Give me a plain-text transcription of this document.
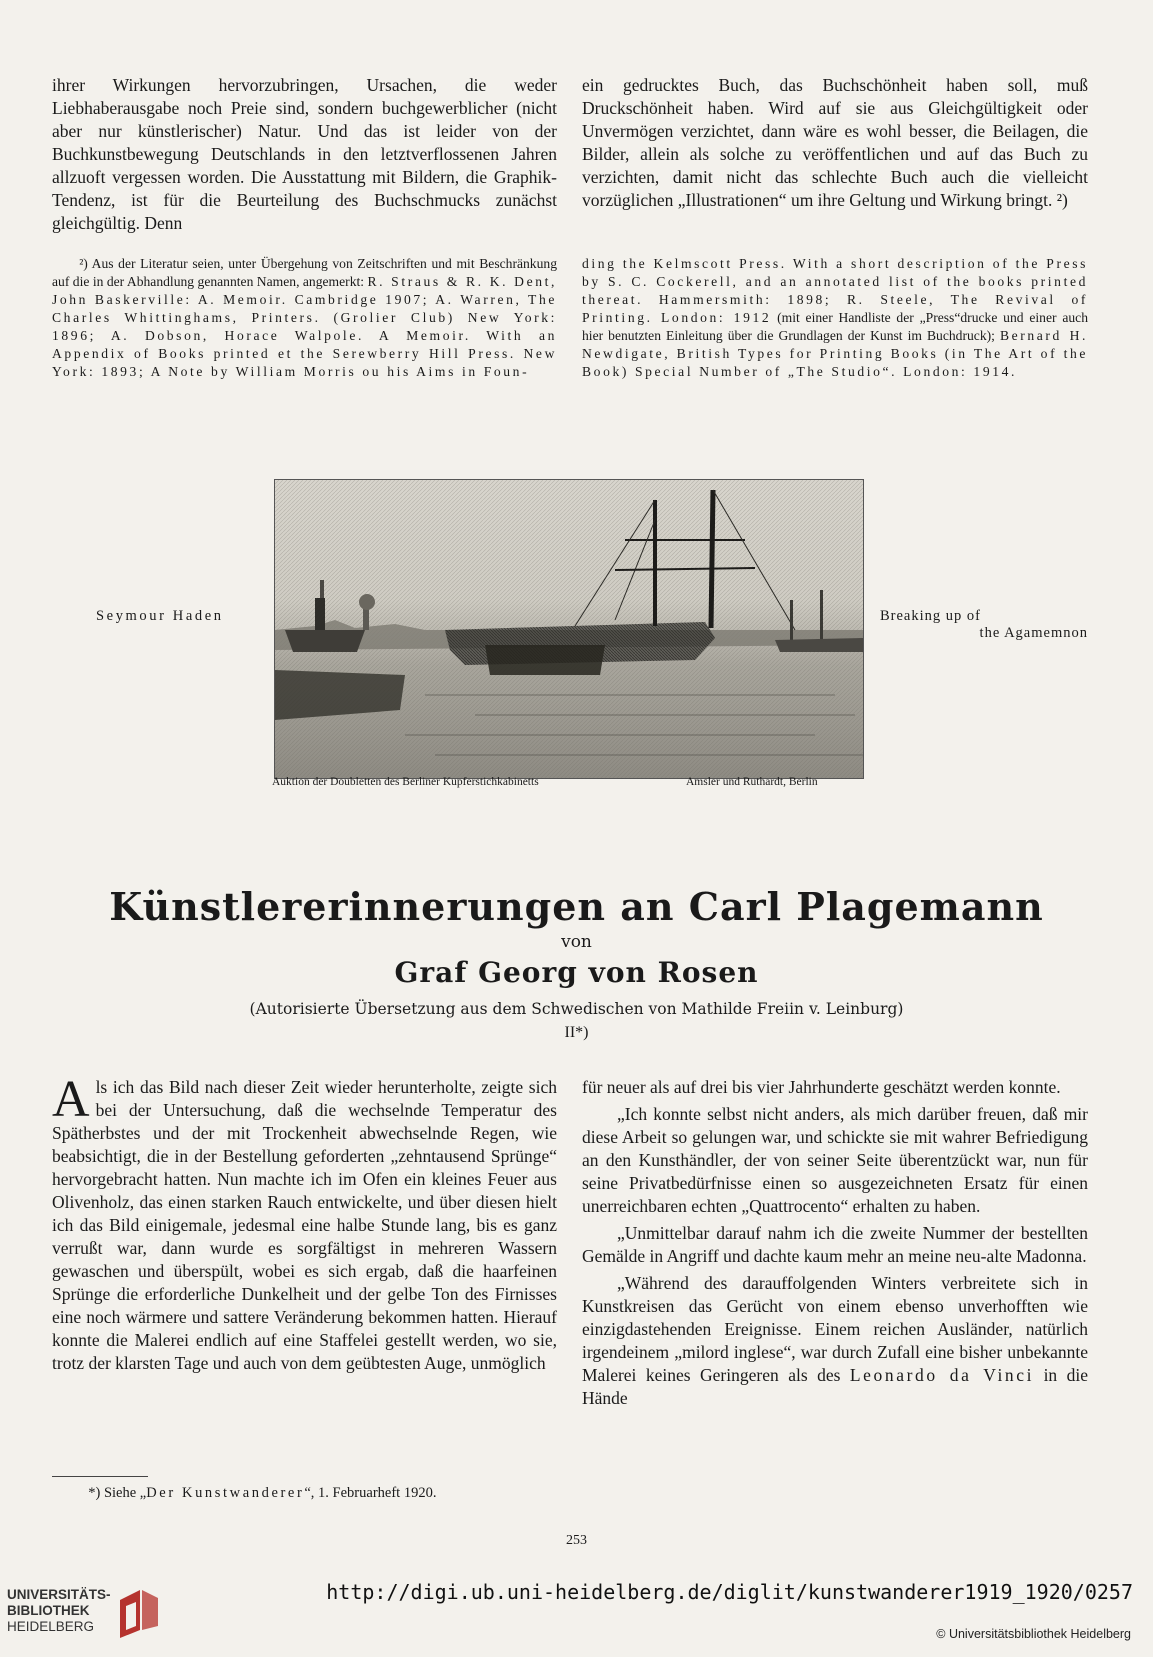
ihrer Wirkungen hervorzubringen, Ursachen, die weder Liebhaberausgabe noch Preie sind, sondern buchgewerblicher (nicht aber nur künstlerischer) Natur. Und das ist leider von der Buchkunstbewegung Deutschlands in den letztverflossenen Jahren allzuoft vergessen worden. Die Ausstattung mit Bildern, die Graphik-Tendenz, ist für die Beurteilung des Buchschmucks zunächst gleichgültig. Denn

ein gedrucktes Buch, das Buchschönheit haben soll, muß Druckschönheit haben. Wird auf sie aus Gleichgültigkeit oder Unvermögen verzichtet, dann wäre es wohl besser, die Beilagen, die Bilder, allein als solche zu veröffentlichen und auf das Buch zu verzichten, damit nicht das schlechte Buch auch die vielleicht vorzüglichen „Illustrationen“ um ihre Geltung und Wirkung bringt. ²)

²) Aus der Literatur seien, unter Übergehung von Zeitschriften und mit Beschränkung auf die in der Abhandlung genannten Namen, angemerkt: R. Straus & R. K. Dent, John Baskerville: A. Memoir. Cambridge 1907; A. Warren, The Charles Whittinghams, Printers. (Grolier Club) New York: 1896; A. Dobson, Horace Walpole. A Memoir. With an Appendix of Books printed et the Serewberry Hill Press. New York: 1893; A Note by William Morris ou his Aims in Foun-

ding the Kelmscott Press. With a short description of the Press by S. C. Cockerell, and an annotated list of the books printed thereat. Hammersmith: 1898; R. Steele, The Revival of Printing. London: 1912 (mit einer Handliste der „Press“drucke und einer auch hier benutzten Einleitung über die Grundlagen der Kunst im Buchdruck); Bernard H. Newdigate, British Types for Printing Books (in The Art of the Book) Special Number of „The Studio“. London: 1914.

Seymour Haden	Breaking up of
the Agamemnon
Auktion der Doubletten des Berliner Kupferstichkabinetts	Amsler und Ruthardt, Berlin
Künstlererinnerungen an Carl Plagemann
von
Graf Georg von Rosen
(Autorisierte Übersetzung aus dem Schwedischen von Mathilde Freiin v. Leinburg)
II*)

Als ich das Bild nach dieser Zeit wieder herunterholte, zeigte sich bei der Untersuchung, daß die wechselnde Temperatur des Spätherbstes und der mit Trockenheit abwechselnde Regen, wie beabsichtigt, die in der Bestellung geforderten „zehntausend Sprünge“ hervorgebracht hatten. Nun machte ich im Ofen ein kleines Feuer aus Olivenholz, das einen starken Rauch entwickelte, und über diesen hielt ich das Bild einigemale, jedesmal eine halbe Stunde lang, bis es ganz verrußt war, dann wurde es sorgfältigst in mehreren Wassern gewaschen und überspült, wobei es sich ergab, daß die haarfeinen Sprünge die erforderliche Dunkelheit und der gelbe Ton des Firnisses eine noch wärmere und sattere Veränderung bekommen hatten. Hierauf konnte die Malerei endlich auf eine Staffelei gestellt werden, wo sie, trotz der klarsten Tage und auch von dem geübtesten Auge, unmöglich

*) Siehe „Der Kunstwanderer“, 1. Februarheft 1920.

für neuer als auf drei bis vier Jahrhunderte geschätzt werden konnte.

„Ich konnte selbst nicht anders, als mich darüber freuen, daß mir diese Arbeit so gelungen war, und schickte sie mit wahrer Befriedigung an den Kunsthändler, der von seiner Seite überentzückt war, nun für seine Privatbedürfnisse einen so ausgezeichneten Ersatz für einen unerreichbaren echten „Quattrocento“ erhalten zu haben.

„Unmittelbar darauf nahm ich die zweite Nummer der bestellten Gemälde in Angriff und dachte kaum mehr an meine neu-alte Madonna.

„Während des darauffolgenden Winters verbreitete sich in Kunstkreisen das Gerücht von einem ebenso unverhofften wie einzigdastehenden Ereignisse. Einem reichen Ausländer, natürlich irgendeinem „milord inglese“, war durch Zufall eine bisher unbekannte Malerei keines Geringeren als des Leonardo da Vinci in die Hände

253
UNIVERSITÄTS-
BIBLIOTHEK
HEIDELBERG
http://digi.ub.uni-heidelberg.de/diglit/kunstwanderer1919_1920/0257
© Universitätsbibliothek Heidelberg
